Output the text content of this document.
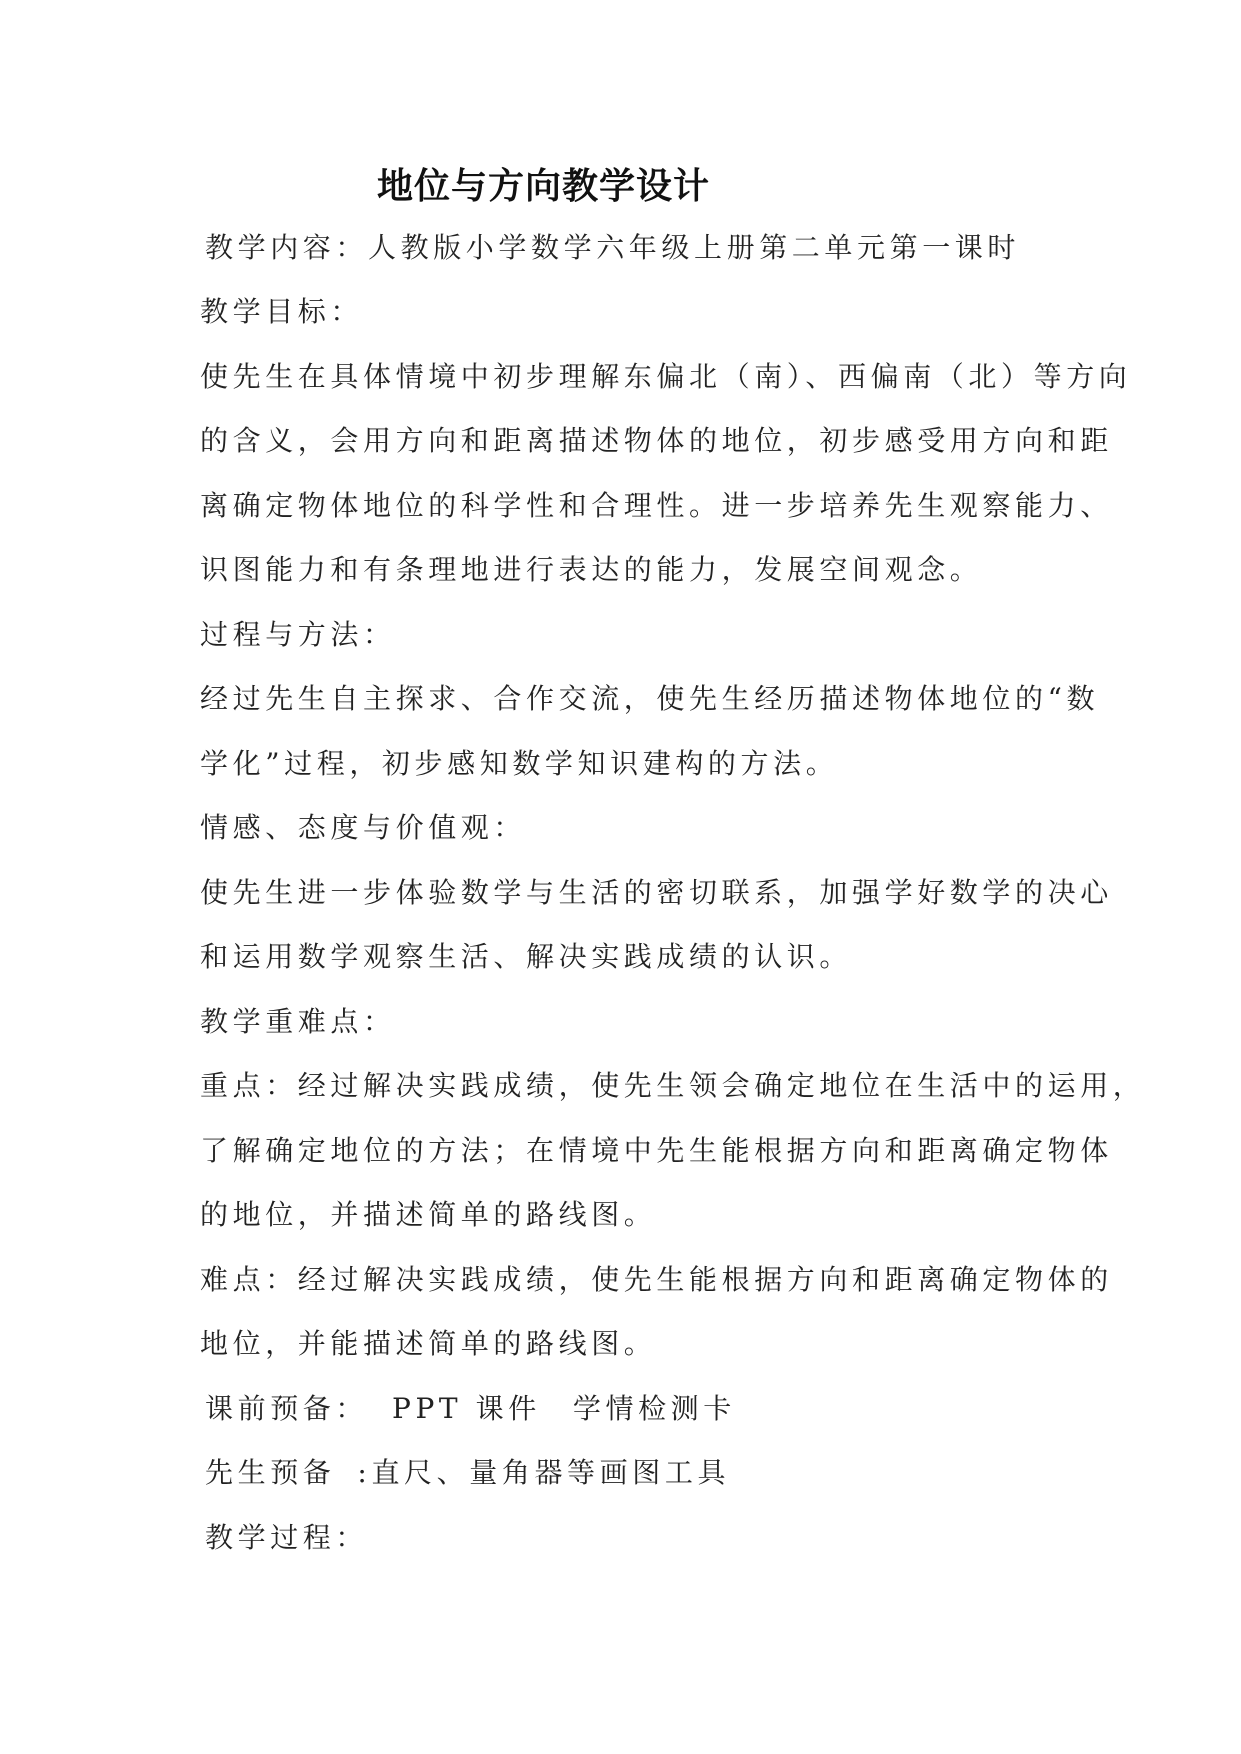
地位与方向教学设计
教学内容：人教版小学数学六年级上册第二单元第一课时
教学目标：
使先生在具体情境中初步理解东偏北（南）、西偏南（北）等方向
的含义，会用方向和距离描述物体的地位，初步感受用方向和距
离确定物体地位的科学性和合理性。进一步培养先生观察能力、
识图能力和有条理地进行表达的能力，发展空间观念。
过程与方法：
经过先生自主探求、合作交流，使先生经历描述物体地位的“数
学化”过程，初步感知数学知识建构的方法。
情感、态度与价值观：
使先生进一步体验数学与生活的密切联系，加强学好数学的决心
和运用数学观察生活、解决实践成绩的认识。
教学重难点：
重点：经过解决实践成绩，使先生领会确定地位在生活中的运用，
了解确定地位的方法；在情境中先生能根据方向和距离确定物体
的地位，并描述简单的路线图。
难点：经过解决实践成绩，使先生能根据方向和距离确定物体的
地位，并能描述简单的路线图。
课前预备： PPT 课件 学情检测卡
先生预备 :直尺、量角器等画图工具
教学过程：
